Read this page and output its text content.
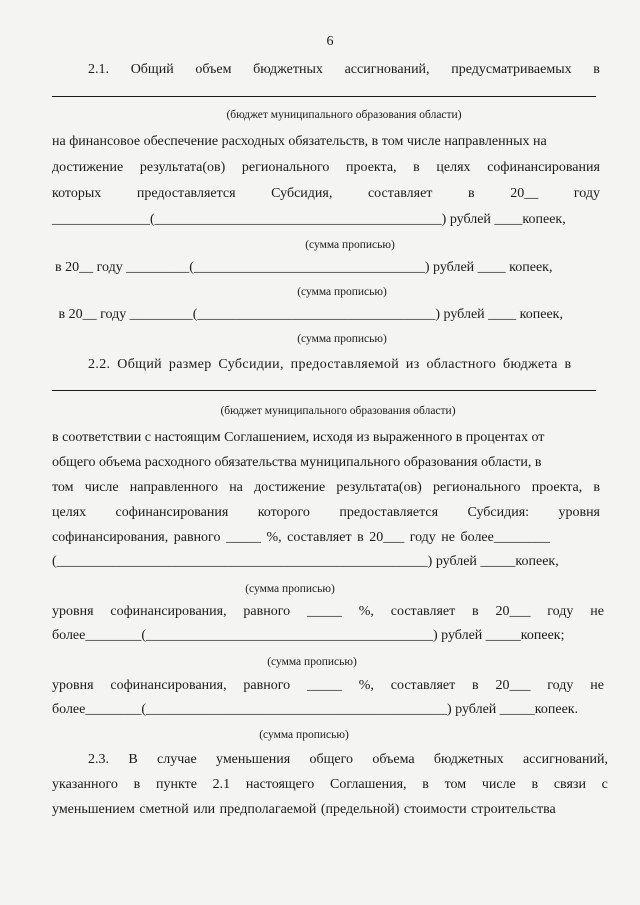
6
2.1. Общий объем бюджетных ассигнований, предусматриваемых в
(бюджет муниципального образования области)
на финансовое обеспечение расходных обязательств, в том числе направленных на
достижение результата(ов) регионального проекта, в целях софинансирования
которых	предоставляется	Субсидия,	составляет	в	20__	году
______________(_________________________________________) рублей ____копеек,
(сумма прописью)
в 20__ году _________(_________________________________) рублей ____ копеек,
(сумма прописью)
в 20__ году _________(__________________________________) рублей ____ копеек,
(сумма прописью)
2.2. Общий размер Субсидии, предоставляемой из областного бюджета в
(бюджет муниципального образования области)
в соответствии с настоящим Соглашением, исходя из выраженного в процентах от
общего объема расходного обязательства муниципального образования области, в
том числе направленного на достижение результата(ов) регионального проекта, в
целях софинансирования которого предоставляется Субсидия: уровня
софинансирования, равного _____ %, составляет в 20___ году не более________
(_____________________________________________________) рублей _____копеек,
(сумма прописью)
уровня софинансирования, равного _____ %, составляет в 20___ году не
более________(_________________________________________) рублей _____копеек;
(сумма прописью)
уровня софинансирования, равного _____ %, составляет в 20___ году не
более________(___________________________________________) рублей _____копеек.
(сумма прописью)
2.3. В случае уменьшения общего объема бюджетных ассигнований,
указанного в пункте 2.1 настоящего Соглашения, в том числе в связи с
уменьшением сметной или предполагаемой (предельной) стоимости строительства
